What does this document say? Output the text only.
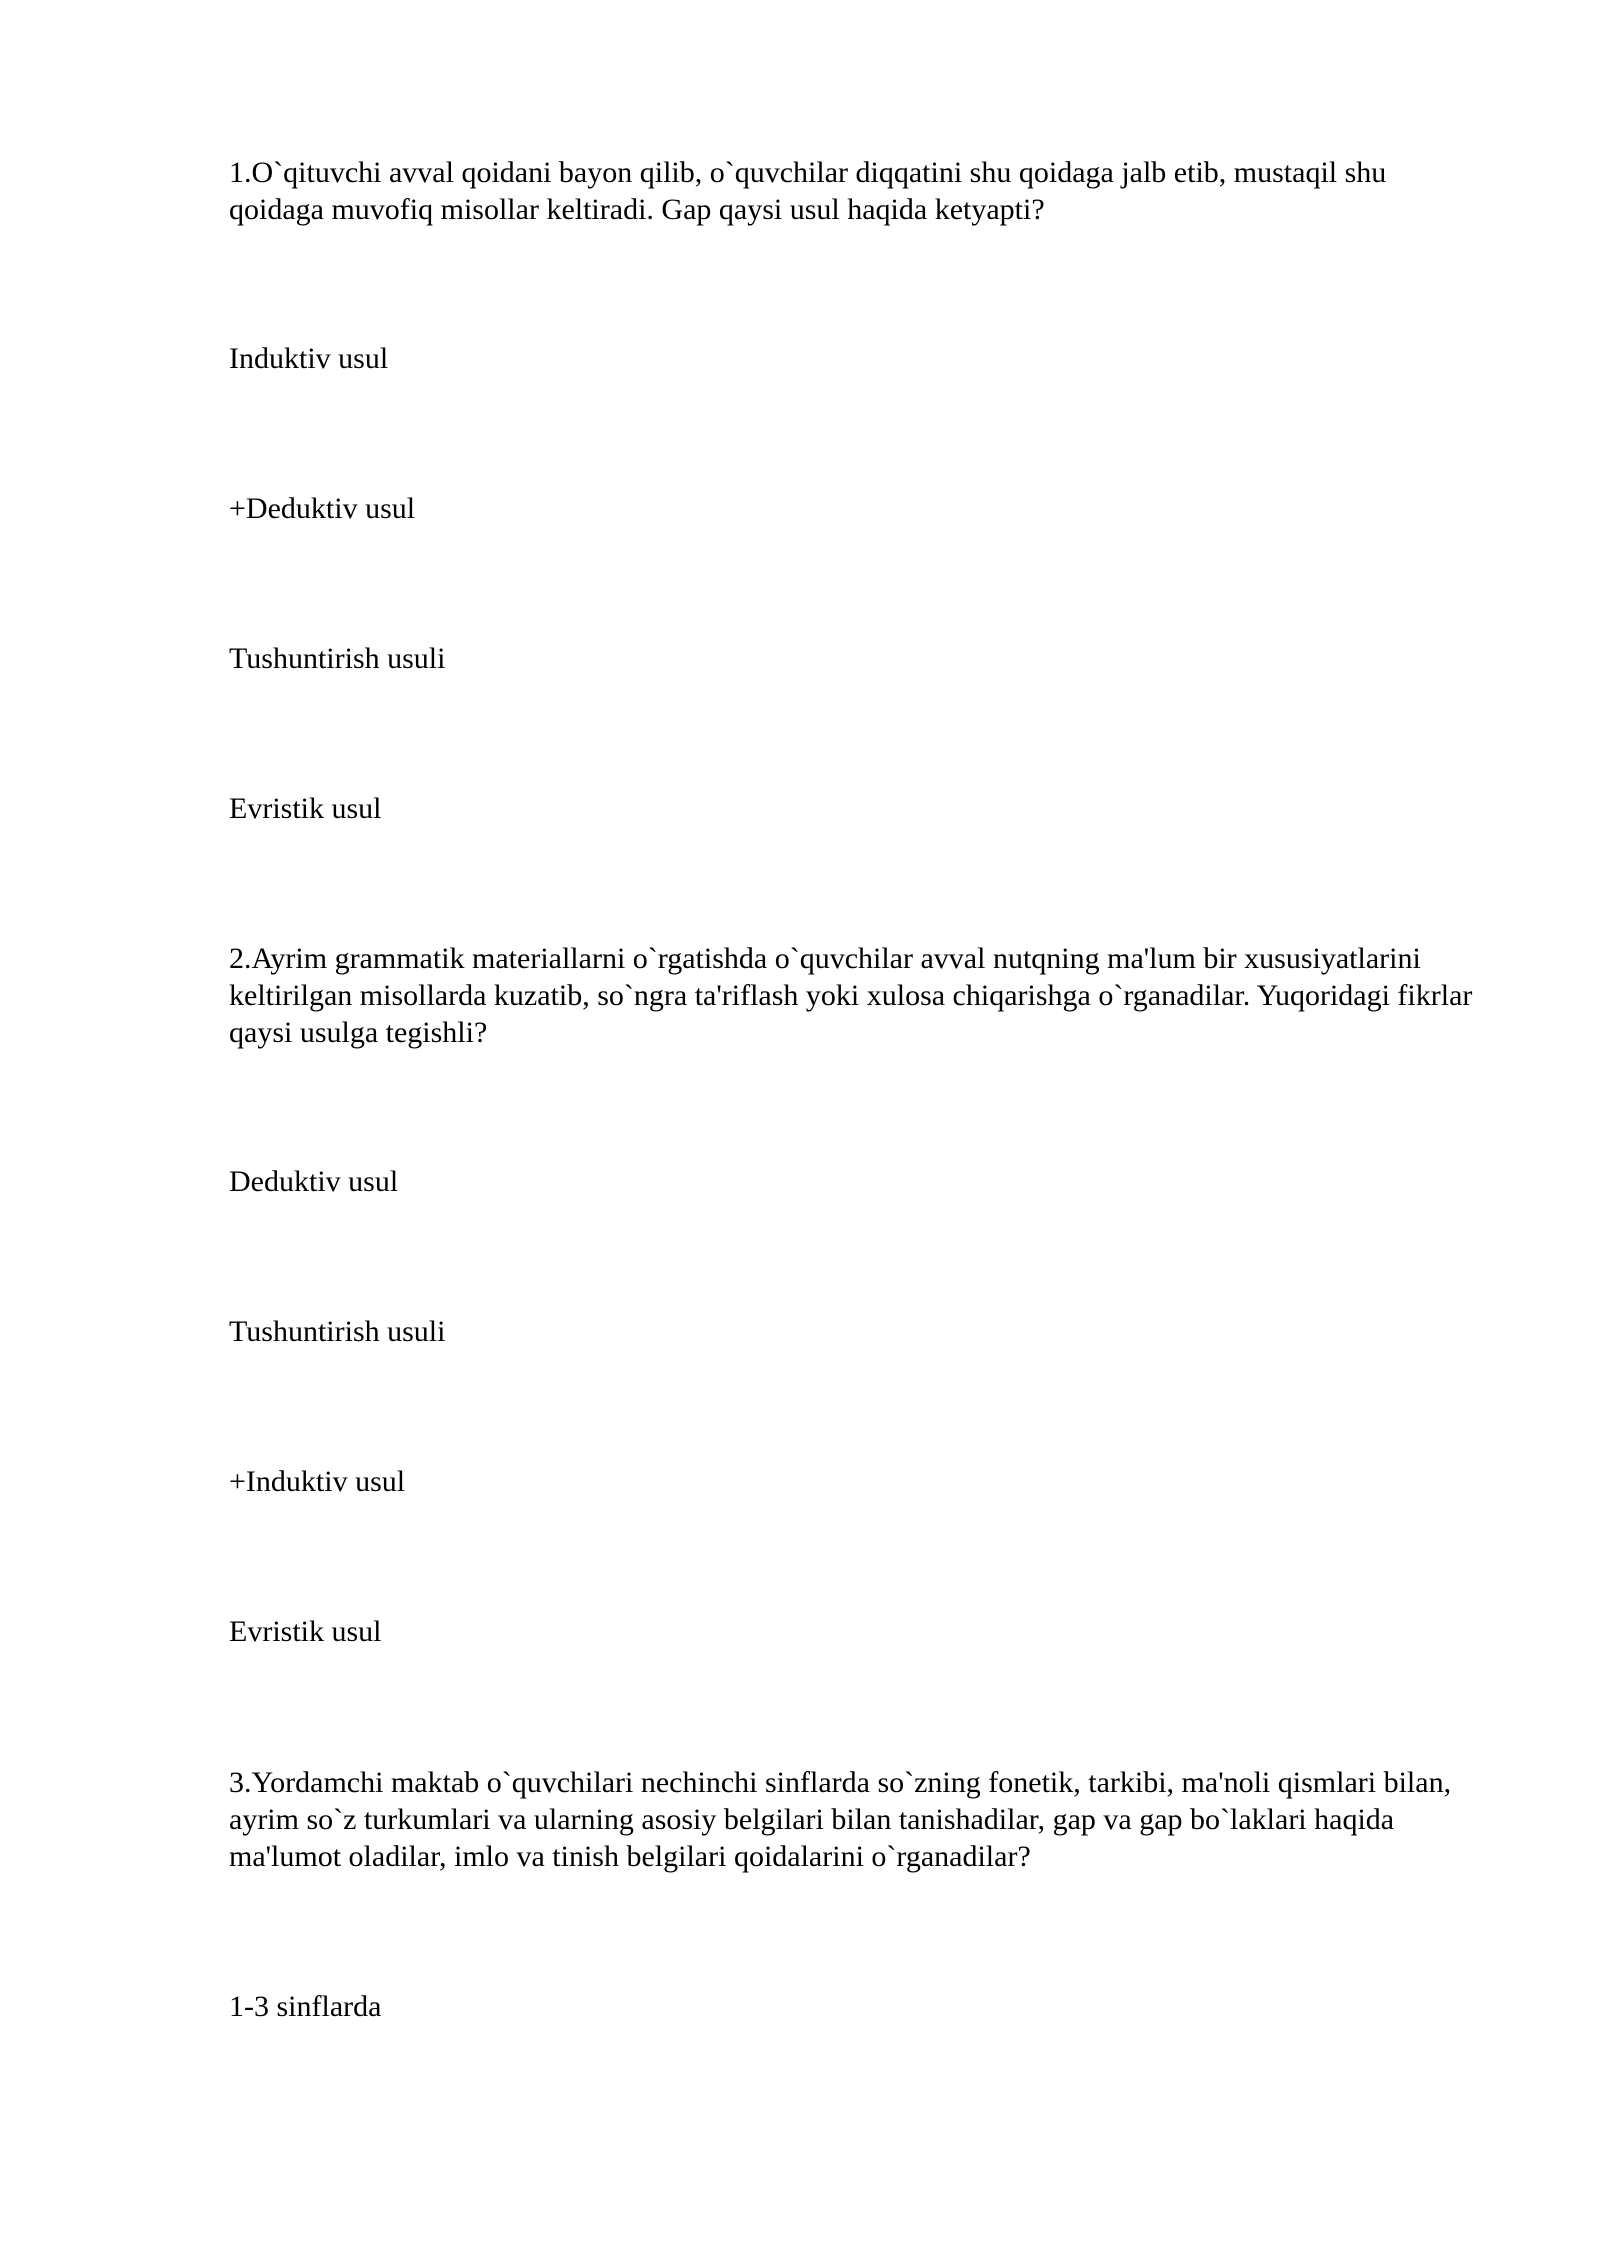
1.O`qituvchi avval qoidani bayon qilib, o`quvchilar diqqatini shu qoidaga jalb etib, mustaqil shu qoidaga muvofiq misollar keltiradi. Gap qaysi usul haqida ketyapti?

Induktiv usul

+Deduktiv usul

Tushuntirish usuli

Evristik usul

2.Ayrim grammatik materiallarni o`rgatishda o`quvchilar avval nutqning ma'lum bir xususiyatlarini keltirilgan misollarda kuzatib, so`ngra ta'riflash yoki xulosa chiqarishga o`rganadilar. Yuqoridagi fikrlar qaysi usulga tegishli?

Deduktiv usul

Tushuntirish usuli

+Induktiv usul

Evristik usul

3.Yordamchi maktab o`quvchilari nechinchi sinflarda so`zning fonetik, tarkibi, ma'noli qismlari bilan, ayrim so`z turkumlari va ularning asosiy belgilari bilan tanishadilar, gap va gap bo`laklari haqida ma'lumot oladilar, imlo va tinish belgilari qoidalarini o`rganadilar?

1-3 sinflarda
